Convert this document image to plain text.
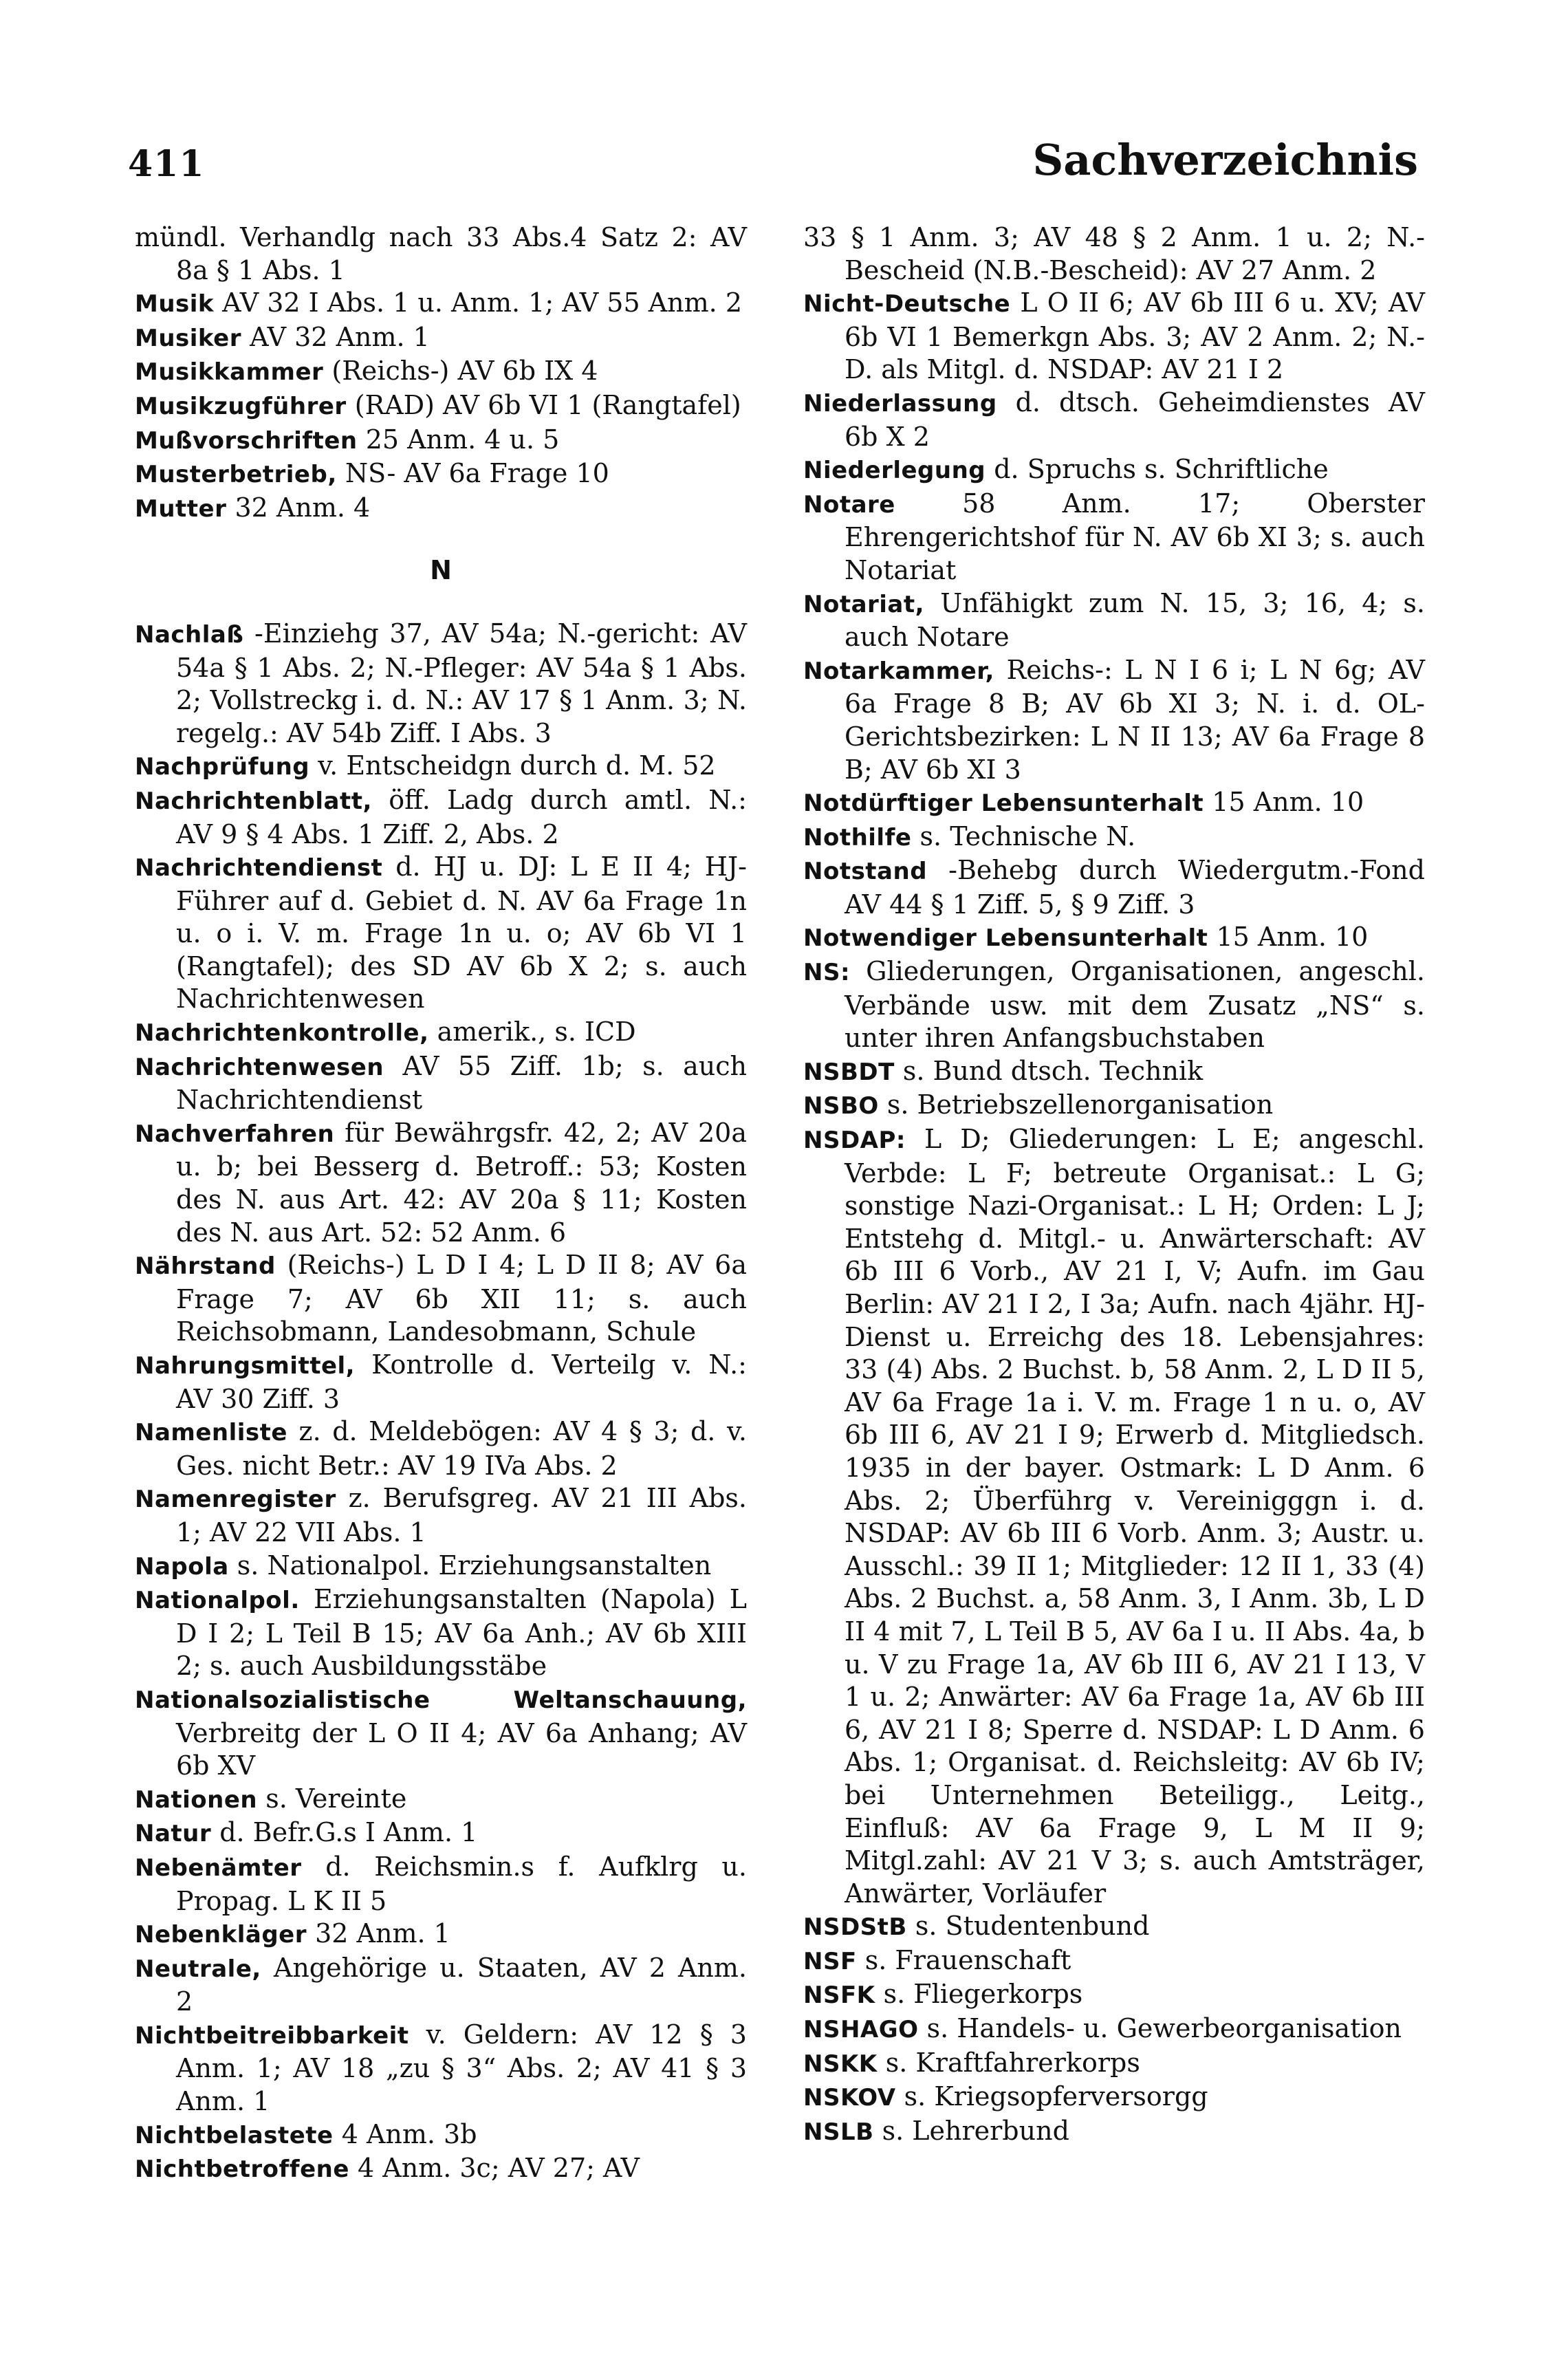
411	Sachverzeichnis
mündl. Verhandlg nach 33 Abs.4 Satz 2: AV 8a § 1 Abs. 1
Musik AV 32 I Abs. 1 u. Anm. 1; AV 55 Anm. 2
Musiker AV 32 Anm. 1
Musikkammer (Reichs-) AV 6b IX 4
Musikzugführer (RAD) AV 6b VI 1 (Rangtafel)
Mußvorschriften 25 Anm. 4 u. 5
Musterbetrieb, NS- AV 6a Frage 10
Mutter 32 Anm. 4
N
Nachlaß -Einziehg 37, AV 54a; N.-gericht: AV 54a § 1 Abs. 2; N.-Pfleger: AV 54a § 1 Abs. 2; Vollstreckg i. d. N.: AV 17 § 1 Anm. 3; N. regelg.: AV 54b Ziff. I Abs. 3
Nachprüfung v. Entscheidgn durch d. M. 52
Nachrichtenblatt, öff. Ladg durch amtl. N.: AV 9 § 4 Abs. 1 Ziff. 2, Abs. 2
Nachrichtendienst d. HJ u. DJ: L E II 4; HJ-Führer auf d. Gebiet d. N. AV 6a Frage 1n u. o i. V. m. Frage 1n u. o; AV 6b VI 1 (Rangtafel); des SD AV 6b X 2; s. auch Nachrichtenwesen
Nachrichtenkontrolle, amerik., s. ICD
Nachrichtenwesen AV 55 Ziff. 1b; s. auch Nachrichtendienst
Nachverfahren für Bewährgsfr. 42, 2; AV 20a u. b; bei Besserg d. Betroff.: 53; Kosten des N. aus Art. 42: AV 20a § 11; Kosten des N. aus Art. 52: 52 Anm. 6
Nährstand (Reichs-) L D I 4; L D II 8; AV 6a Frage 7; AV 6b XII 11; s. auch Reichsobmann, Landesobmann, Schule
Nahrungsmittel, Kontrolle d. Verteilg v. N.: AV 30 Ziff. 3
Namenliste z. d. Meldebögen: AV 4 § 3; d. v. Ges. nicht Betr.: AV 19 IVa Abs. 2
Namenregister z. Berufsgreg. AV 21 III Abs. 1; AV 22 VII Abs. 1
Napola s. Nationalpol. Erziehungsanstalten
Nationalpol. Erziehungsanstalten (Napola) L D I 2; L Teil B 15; AV 6a Anh.; AV 6b XIII 2; s. auch Ausbildungsstäbe
Nationalsozialistische Weltanschauung, Verbreitg der L O II 4; AV 6a Anhang; AV 6b XV
Nationen s. Vereinte
Natur d. Befr.G.s I Anm. 1
Nebenämter d. Reichsmin.s f. Aufklrg u. Propag. L K II 5
Nebenkläger 32 Anm. 1
Neutrale, Angehörige u. Staaten, AV 2 Anm. 2
Nichtbeitreibbarkeit v. Geldern: AV 12 § 3 Anm. 1; AV 18 „zu § 3“ Abs. 2; AV 41 § 3 Anm. 1
Nichtbelastete 4 Anm. 3b
Nichtbetroffene 4 Anm. 3c; AV 27; AV
33 § 1 Anm. 3; AV 48 § 2 Anm. 1 u. 2; N.-Bescheid (N.B.-Bescheid): AV 27 Anm. 2
Nicht-Deutsche L O II 6; AV 6b III 6 u. XV; AV 6b VI 1 Bemerkgn Abs. 3; AV 2 Anm. 2; N.-D. als Mitgl. d. NSDAP: AV 21 I 2
Niederlassung d. dtsch. Geheimdienstes AV 6b X 2
Niederlegung d. Spruchs s. Schriftliche
Notare	58 Anm. 17; Oberster Ehrengerichtshof für N. AV 6b XI 3; s. auch Notariat
Notariat, Unfähigkt zum N. 15, 3; 16, 4; s. auch Notare
Notarkammer, Reichs-: L N I 6 i; L N 6g; AV 6a Frage 8 B; AV 6b XI 3; N. i. d. OL-Gerichtsbezirken: L N II 13; AV 6a Frage 8 B; AV 6b XI 3
Notdürftiger Lebensunterhalt 15 Anm. 10
Nothilfe s. Technische N.
Notstand -Behebg durch Wiedergutm.-Fond AV 44 § 1 Ziff. 5, § 9 Ziff. 3
Notwendiger Lebensunterhalt 15 Anm. 10
NS: Gliederungen, Organisationen, angeschl. Verbände usw. mit dem Zusatz „NS“ s. unter ihren Anfangsbuchstaben
NSBDT s. Bund dtsch. Technik
NSBO s. Betriebszellenorganisation
NSDAP: L D; Gliederungen: L E; angeschl. Verbde: L F; betreute Organisat.: L G; sonstige Nazi-Organisat.: L H; Orden: L J; Entstehg d. Mitgl.- u. Anwärterschaft: AV 6b III 6 Vorb., AV 21 I, V; Aufn. im Gau Berlin: AV 21 I 2, I 3a; Aufn. nach 4jähr. HJ-Dienst u. Erreichg des 18. Lebensjahres: 33 (4) Abs. 2 Buchst. b, 58 Anm. 2, L D II 5, AV 6a Frage 1a i. V. m. Frage 1 n u. o, AV 6b III 6, AV 21 I 9; Erwerb d. Mitgliedsch. 1935 in der bayer. Ostmark: L D Anm. 6 Abs. 2; Überführg v. Vereinigggn i. d. NSDAP: AV 6b III 6 Vorb. Anm. 3; Austr. u. Ausschl.: 39 II 1; Mitglieder: 12 II 1, 33 (4) Abs. 2 Buchst. a, 58 Anm. 3, I Anm. 3b, L D II 4 mit 7, L Teil B 5, AV 6a I u. II Abs. 4a, b u. V zu Frage 1a, AV 6b III 6, AV 21 I 13, V 1 u. 2; Anwärter: AV 6a Frage 1a, AV 6b III 6, AV 21 I 8; Sperre d. NSDAP: L D Anm. 6 Abs. 1; Organisat. d. Reichsleitg: AV 6b IV; bei Unternehmen Beteiligg., Leitg., Einfluß: AV 6a Frage 9, L M II 9; Mitgl.zahl: AV 21 V 3; s. auch Amtsträger, Anwärter, Vorläufer
NSDStB s. Studentenbund
NSF s. Frauenschaft
NSFK s. Fliegerkorps
NSHAGO s. Handels- u. Gewerbeorganisation
NSKK s. Kraftfahrerkorps
NSKOV s. Kriegsopferversorgg
NSLB s. Lehrerbund
